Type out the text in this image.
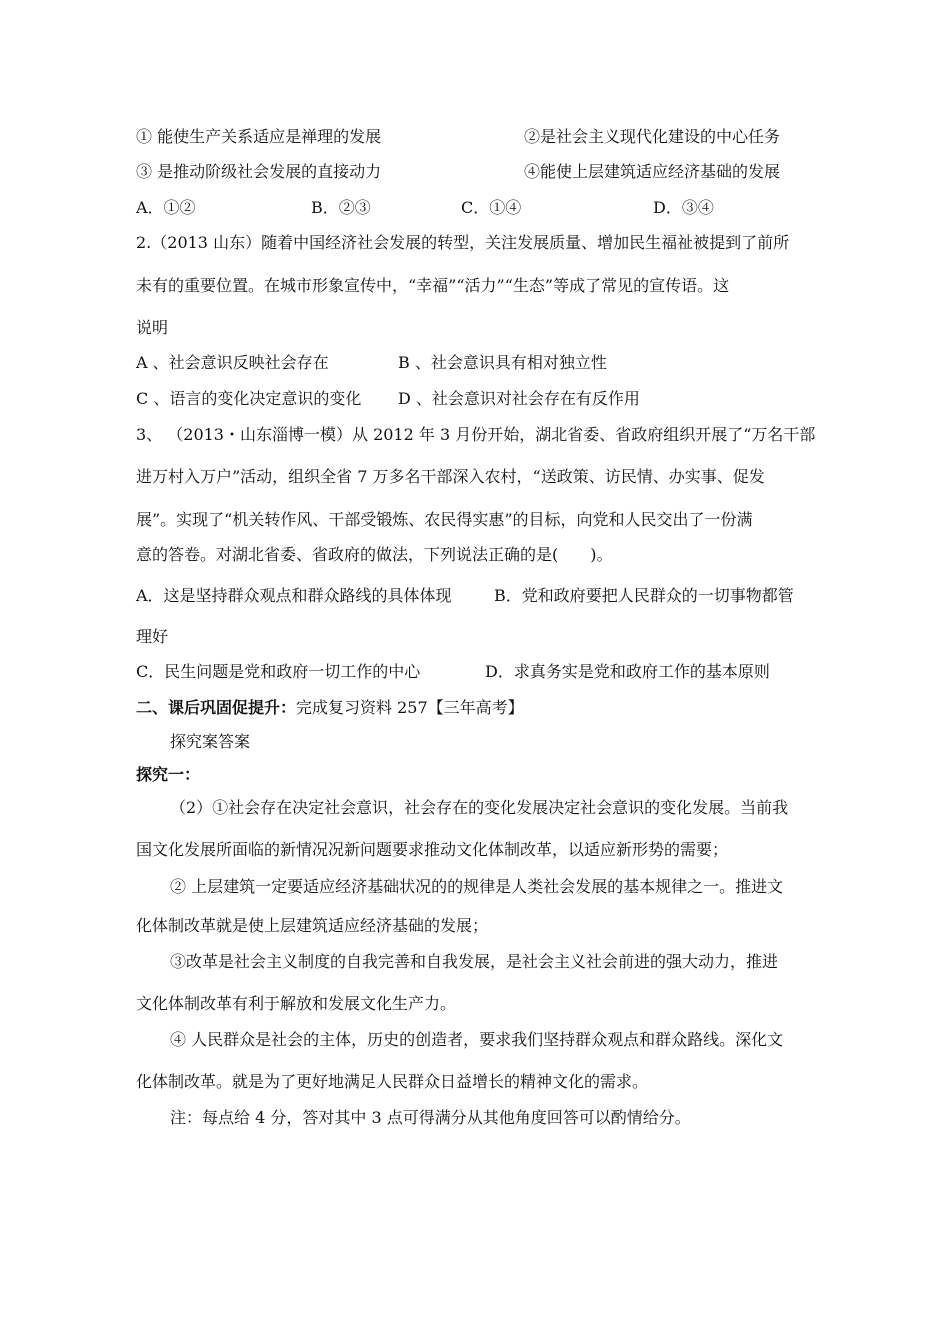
① 能使生产关系适应是禅理的发展	②是社会主义现代化建设的中心任务
③ 是推动阶级社会发展的直接动力	④能使上层建筑适应经济基础的发展
A．①②	B．②③	C．①④	D．③④
2.（2013 山东）随着中国经济社会发展的转型，关注发展质量、增加民生福祉被提到了前所
未有的重要位置。在城市形象宣传中，“幸福”“活力”“生态”等成了常见的宣传语。这
说明
A 、社会意识反映社会存在	B 、社会意识具有相对独立性
C 、语言的变化决定意识的变化 D 、社会意识对社会存在有反作用
3、 （2013・山东淄博一模）从 2012 年 3 月份开始，湖北省委、省政府组织开展了“万名干部
进万村入万户”活动，组织全省 7 万多名干部深入农村，“送政策、访民情、办实事、促发
展”。实现了“机关转作风、干部受锻炼、农民得实惠”的目标，向党和人民交出了一份满
意的答卷。对湖北省委、省政府的做法，下列说法正确的是(　　)。
A．这是坚持群众观点和群众路线的具体体现	B．党和政府要把人民群众的一切事物都管
理好
C．民生问题是党和政府一切工作的中心	D．求真务实是党和政府工作的基本原则
二、课后巩固促提升：完成复习资料 257【三年高考】
探究案答案
探究一：
（2）①社会存在决定社会意识，社会存在的变化发展决定社会意识的变化发展。当前我
国文化发展所面临的新情况况新问题要求推动文化体制改革，以适应新形势的需要；
② 上层建筑一定要适应经济基础状况的的规律是人类社会发展的基本规律之一。推进文
化体制改革就是使上层建筑适应经济基础的发展；
③改革是社会主义制度的自我完善和自我发展，是社会主义社会前进的强大动力，推进
文化体制改革有利于解放和发展文化生产力。
④ 人民群众是社会的主体，历史的创造者，要求我们坚持群众观点和群众路线。深化文
化体制改革。就是为了更好地满足人民群众日益增长的精神文化的需求。
注：每点给 4 分，答对其中 3 点可得满分从其他角度回答可以酌情给分。
